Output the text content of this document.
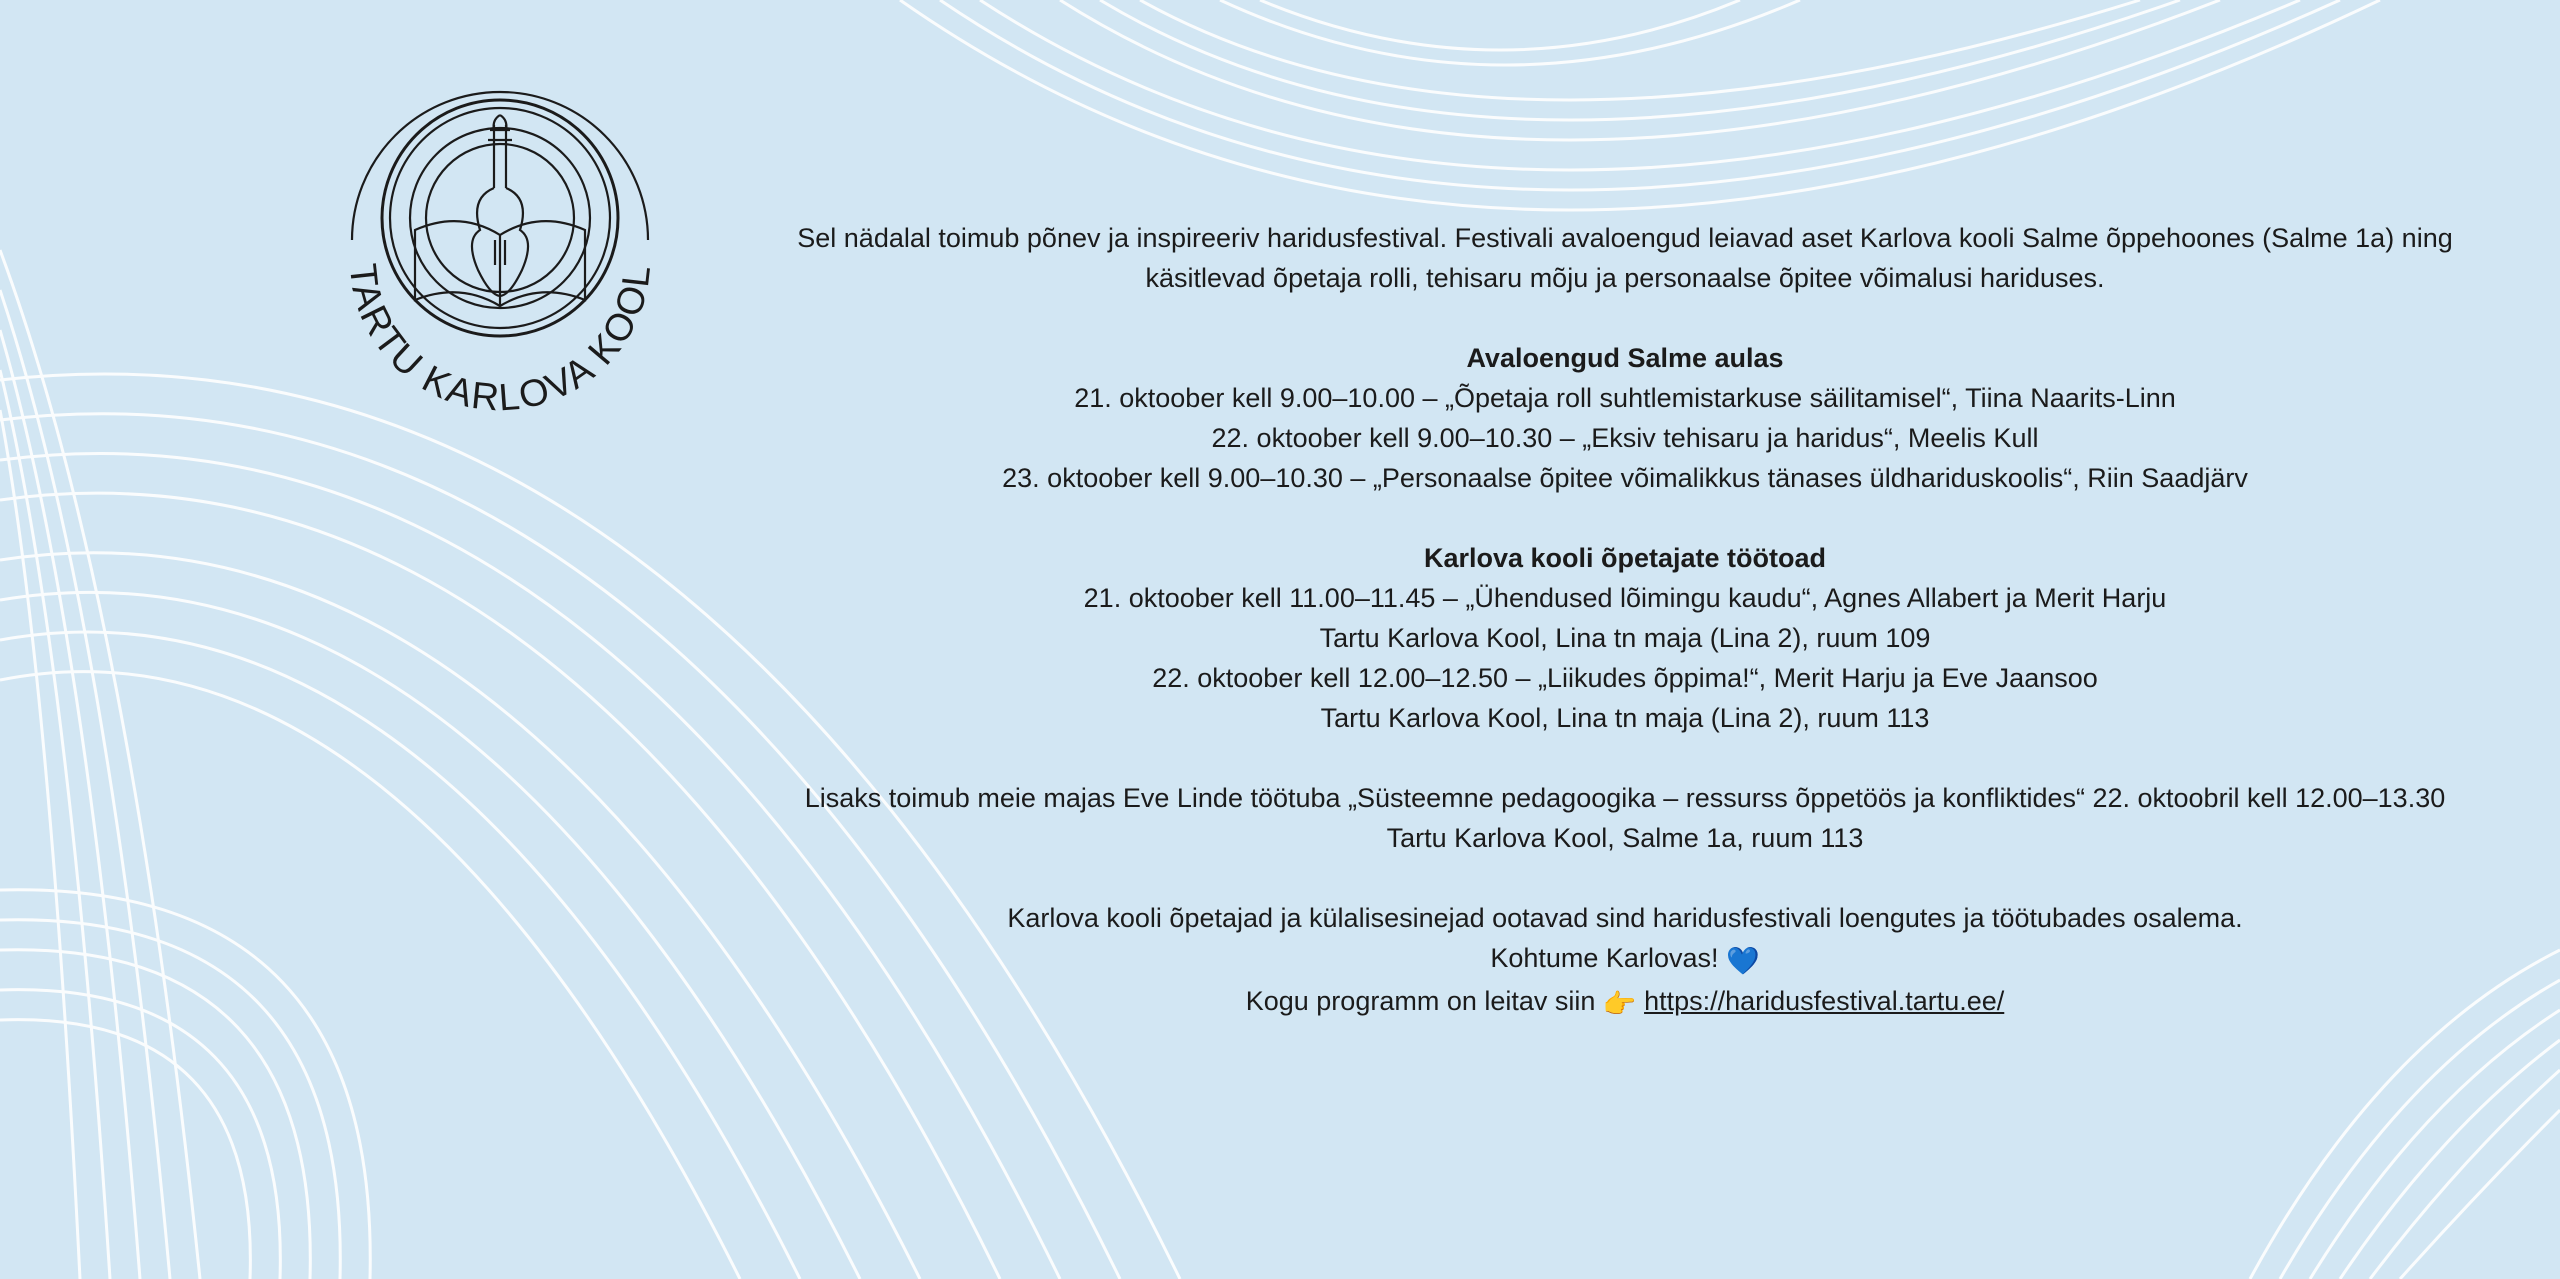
TARTU KARLOVA KOOL

Sel nädalal toimub põnev ja inspireeriv haridusfestival. Festivali avaloengud leiavad aset Karlova kooli Salme õppehoones (Salme 1a) ning

käsitlevad õpetaja rolli, tehisaru mõju ja personaalse õpitee võimalusi hariduses.

Avaloengud Salme aulas

21. oktoober kell 9.00–10.00 – „Õpetaja roll suhtlemistarkuse säilitamisel“, Tiina Naarits-Linn

22. oktoober kell 9.00–10.30 – „Eksiv tehisaru ja haridus“, Meelis Kull

23. oktoober kell 9.00–10.30 – „Personaalse õpitee võimalikkus tänases üldhariduskoolis“, Riin Saadjärv

Karlova kooli õpetajate töötoad

21. oktoober kell 11.00–11.45 – „Ühendused lõimingu kaudu“, Agnes Allabert ja Merit Harju

Tartu Karlova Kool, Lina tn maja (Lina 2), ruum 109

22. oktoober kell 12.00–12.50 – „Liikudes õppima!“, Merit Harju ja Eve Jaansoo

Tartu Karlova Kool, Lina tn maja (Lina 2), ruum 113

Lisaks toimub meie majas Eve Linde töötuba „Süsteemne pedagoogika – ressurss õppetöös ja konfliktides“ 22. oktoobril kell 12.00–13.30

Tartu Karlova Kool, Salme 1a, ruum 113

Karlova kooli õpetajad ja külalisesinejad ootavad sind haridusfestivali loengutes ja töötubades osalema.

Kohtume Karlovas! 💙

Kogu programm on leitav siin 👉 https://haridusfestival.tartu.ee/
